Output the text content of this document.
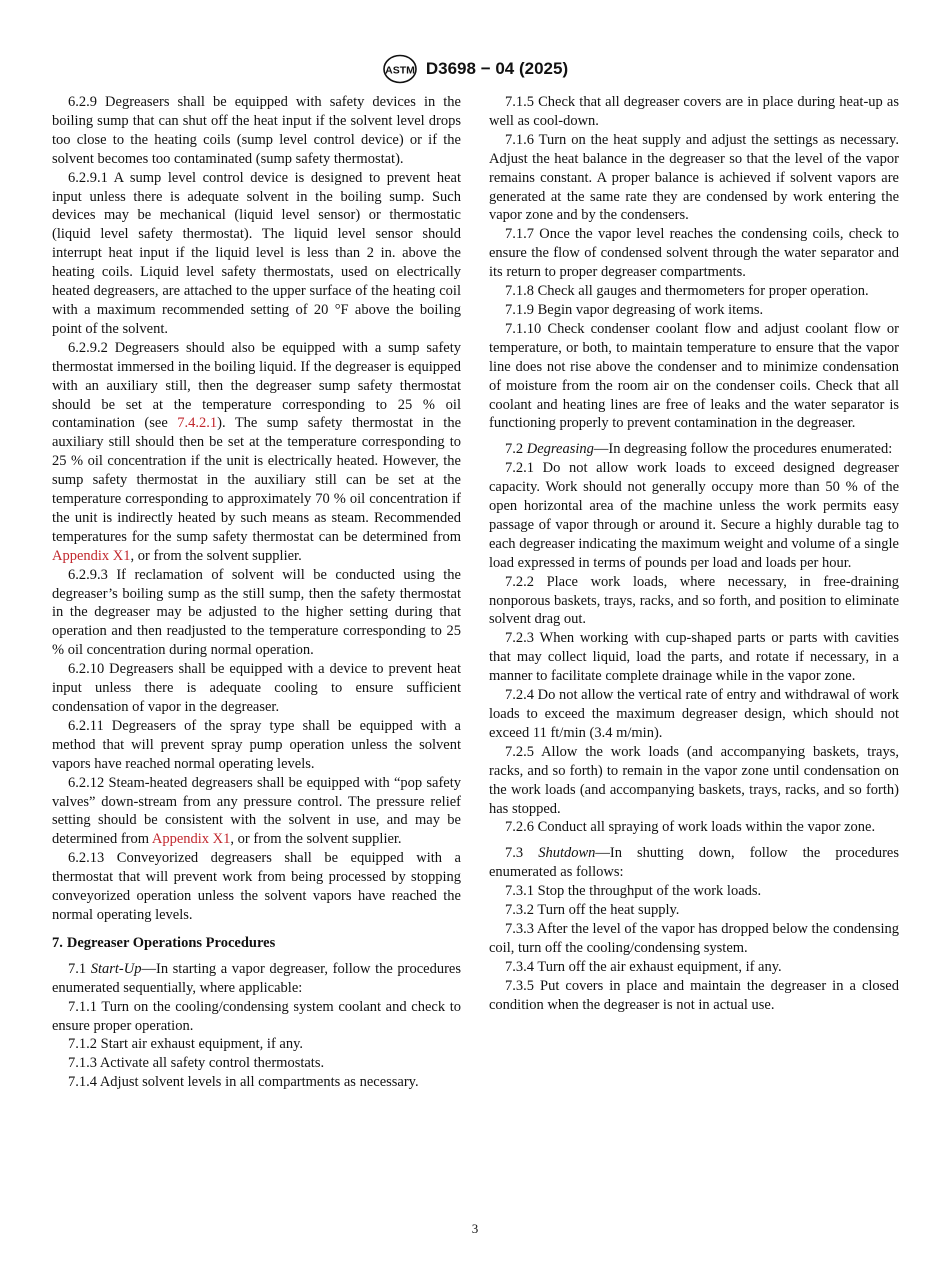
ASTM D3698 − 04 (2025)

6.2.9 Degreasers shall be equipped with safety devices in the boiling sump that can shut off the heat input if the solvent level drops too close to the heating coils (sump level control device) or if the solvent becomes too contaminated (sump safety thermostat).

6.2.9.1 A sump level control device is designed to prevent heat input unless there is adequate solvent in the boiling sump. Such devices may be mechanical (liquid level sensor) or thermostatic (liquid level safety thermostat). The liquid level sensor should interrupt heat input if the liquid level is less than 2 in. above the heating coils. Liquid level safety thermostats, used on electrically heated degreasers, are attached to the upper surface of the heating coil with a maximum recommended setting of 20 °F above the boiling point of the solvent.

6.2.9.2 Degreasers should also be equipped with a sump safety thermostat immersed in the boiling liquid. If the degreaser is equipped with an auxiliary still, then the degreaser sump safety thermostat should be set at the temperature corresponding to 25 % oil contamination (see 7.4.2.1). The sump safety thermostat in the auxiliary still should then be set at the temperature corresponding to 25 % oil concentration if the unit is electrically heated. However, the sump safety thermostat in the auxiliary still can be set at the temperature corresponding to approximately 70 % oil concentration if the unit is indirectly heated by such means as steam. Recommended temperatures for the sump safety thermostat can be determined from Appendix X1, or from the solvent supplier.

6.2.9.3 If reclamation of solvent will be conducted using the degreaser’s boiling sump as the still sump, then the safety thermostat in the degreaser may be adjusted to the higher setting during that operation and then readjusted to the temperature corresponding to 25 % oil concentration during normal operation.

6.2.10 Degreasers shall be equipped with a device to prevent heat input unless there is adequate cooling to ensure sufficient condensation of vapor in the degreaser.

6.2.11 Degreasers of the spray type shall be equipped with a method that will prevent spray pump operation unless the solvent vapors have reached normal operating levels.

6.2.12 Steam-heated degreasers shall be equipped with “pop safety valves” down-stream from any pressure control. The pressure relief setting should be consistent with the solvent in use, and may be determined from Appendix X1, or from the solvent supplier.

6.2.13 Conveyorized degreasers shall be equipped with a thermostat that will prevent work from being processed by stopping conveyorized operation unless the solvent vapors have reached the normal operating levels.

7. Degreaser Operations Procedures

7.1 Start-Up—In starting a vapor degreaser, follow the procedures enumerated sequentially, where applicable:

7.1.1 Turn on the cooling/condensing system coolant and check to ensure proper operation.

7.1.2 Start air exhaust equipment, if any.

7.1.3 Activate all safety control thermostats.

7.1.4 Adjust solvent levels in all compartments as necessary.

7.1.5 Check that all degreaser covers are in place during heat-up as well as cool-down.

7.1.6 Turn on the heat supply and adjust the settings as necessary. Adjust the heat balance in the degreaser so that the level of the vapor remains constant. A proper balance is achieved if solvent vapors are generated at the same rate they are condensed by work entering the vapor zone and by the condensers.

7.1.7 Once the vapor level reaches the condensing coils, check to ensure the flow of condensed solvent through the water separator and its return to proper degreaser compartments.

7.1.8 Check all gauges and thermometers for proper operation.

7.1.9 Begin vapor degreasing of work items.

7.1.10 Check condenser coolant flow and adjust coolant flow or temperature, or both, to maintain temperature to ensure that the vapor line does not rise above the condenser and to minimize condensation of moisture from the room air on the condenser coils. Check that all coolant and heating lines are free of leaks and the water separator is functioning properly to prevent contamination in the degreaser.

7.2 Degreasing—In degreasing follow the procedures enumerated:

7.2.1 Do not allow work loads to exceed designed degreaser capacity. Work should not generally occupy more than 50 % of the open horizontal area of the machine unless the work permits easy passage of vapor through or around it. Secure a highly durable tag to each degreaser indicating the maximum weight and volume of a single load expressed in terms of pounds per load and loads per hour.

7.2.2 Place work loads, where necessary, in free-draining nonporous baskets, trays, racks, and so forth, and position to eliminate solvent drag out.

7.2.3 When working with cup-shaped parts or parts with cavities that may collect liquid, load the parts, and rotate if necessary, in a manner to facilitate complete drainage while in the vapor zone.

7.2.4 Do not allow the vertical rate of entry and withdrawal of work loads to exceed the maximum degreaser design, which should not exceed 11 ft/min (3.4 m/min).

7.2.5 Allow the work loads (and accompanying baskets, trays, racks, and so forth) to remain in the vapor zone until condensation on the work loads (and accompanying baskets, trays, racks, and so forth) has stopped.

7.2.6 Conduct all spraying of work loads within the vapor zone.

7.3 Shutdown—In shutting down, follow the procedures enumerated as follows:

7.3.1 Stop the throughput of the work loads.

7.3.2 Turn off the heat supply.

7.3.3 After the level of the vapor has dropped below the condensing coil, turn off the cooling/condensing system.

7.3.4 Turn off the air exhaust equipment, if any.

7.3.5 Put covers in place and maintain the degreaser in a closed condition when the degreaser is not in actual use.

3
